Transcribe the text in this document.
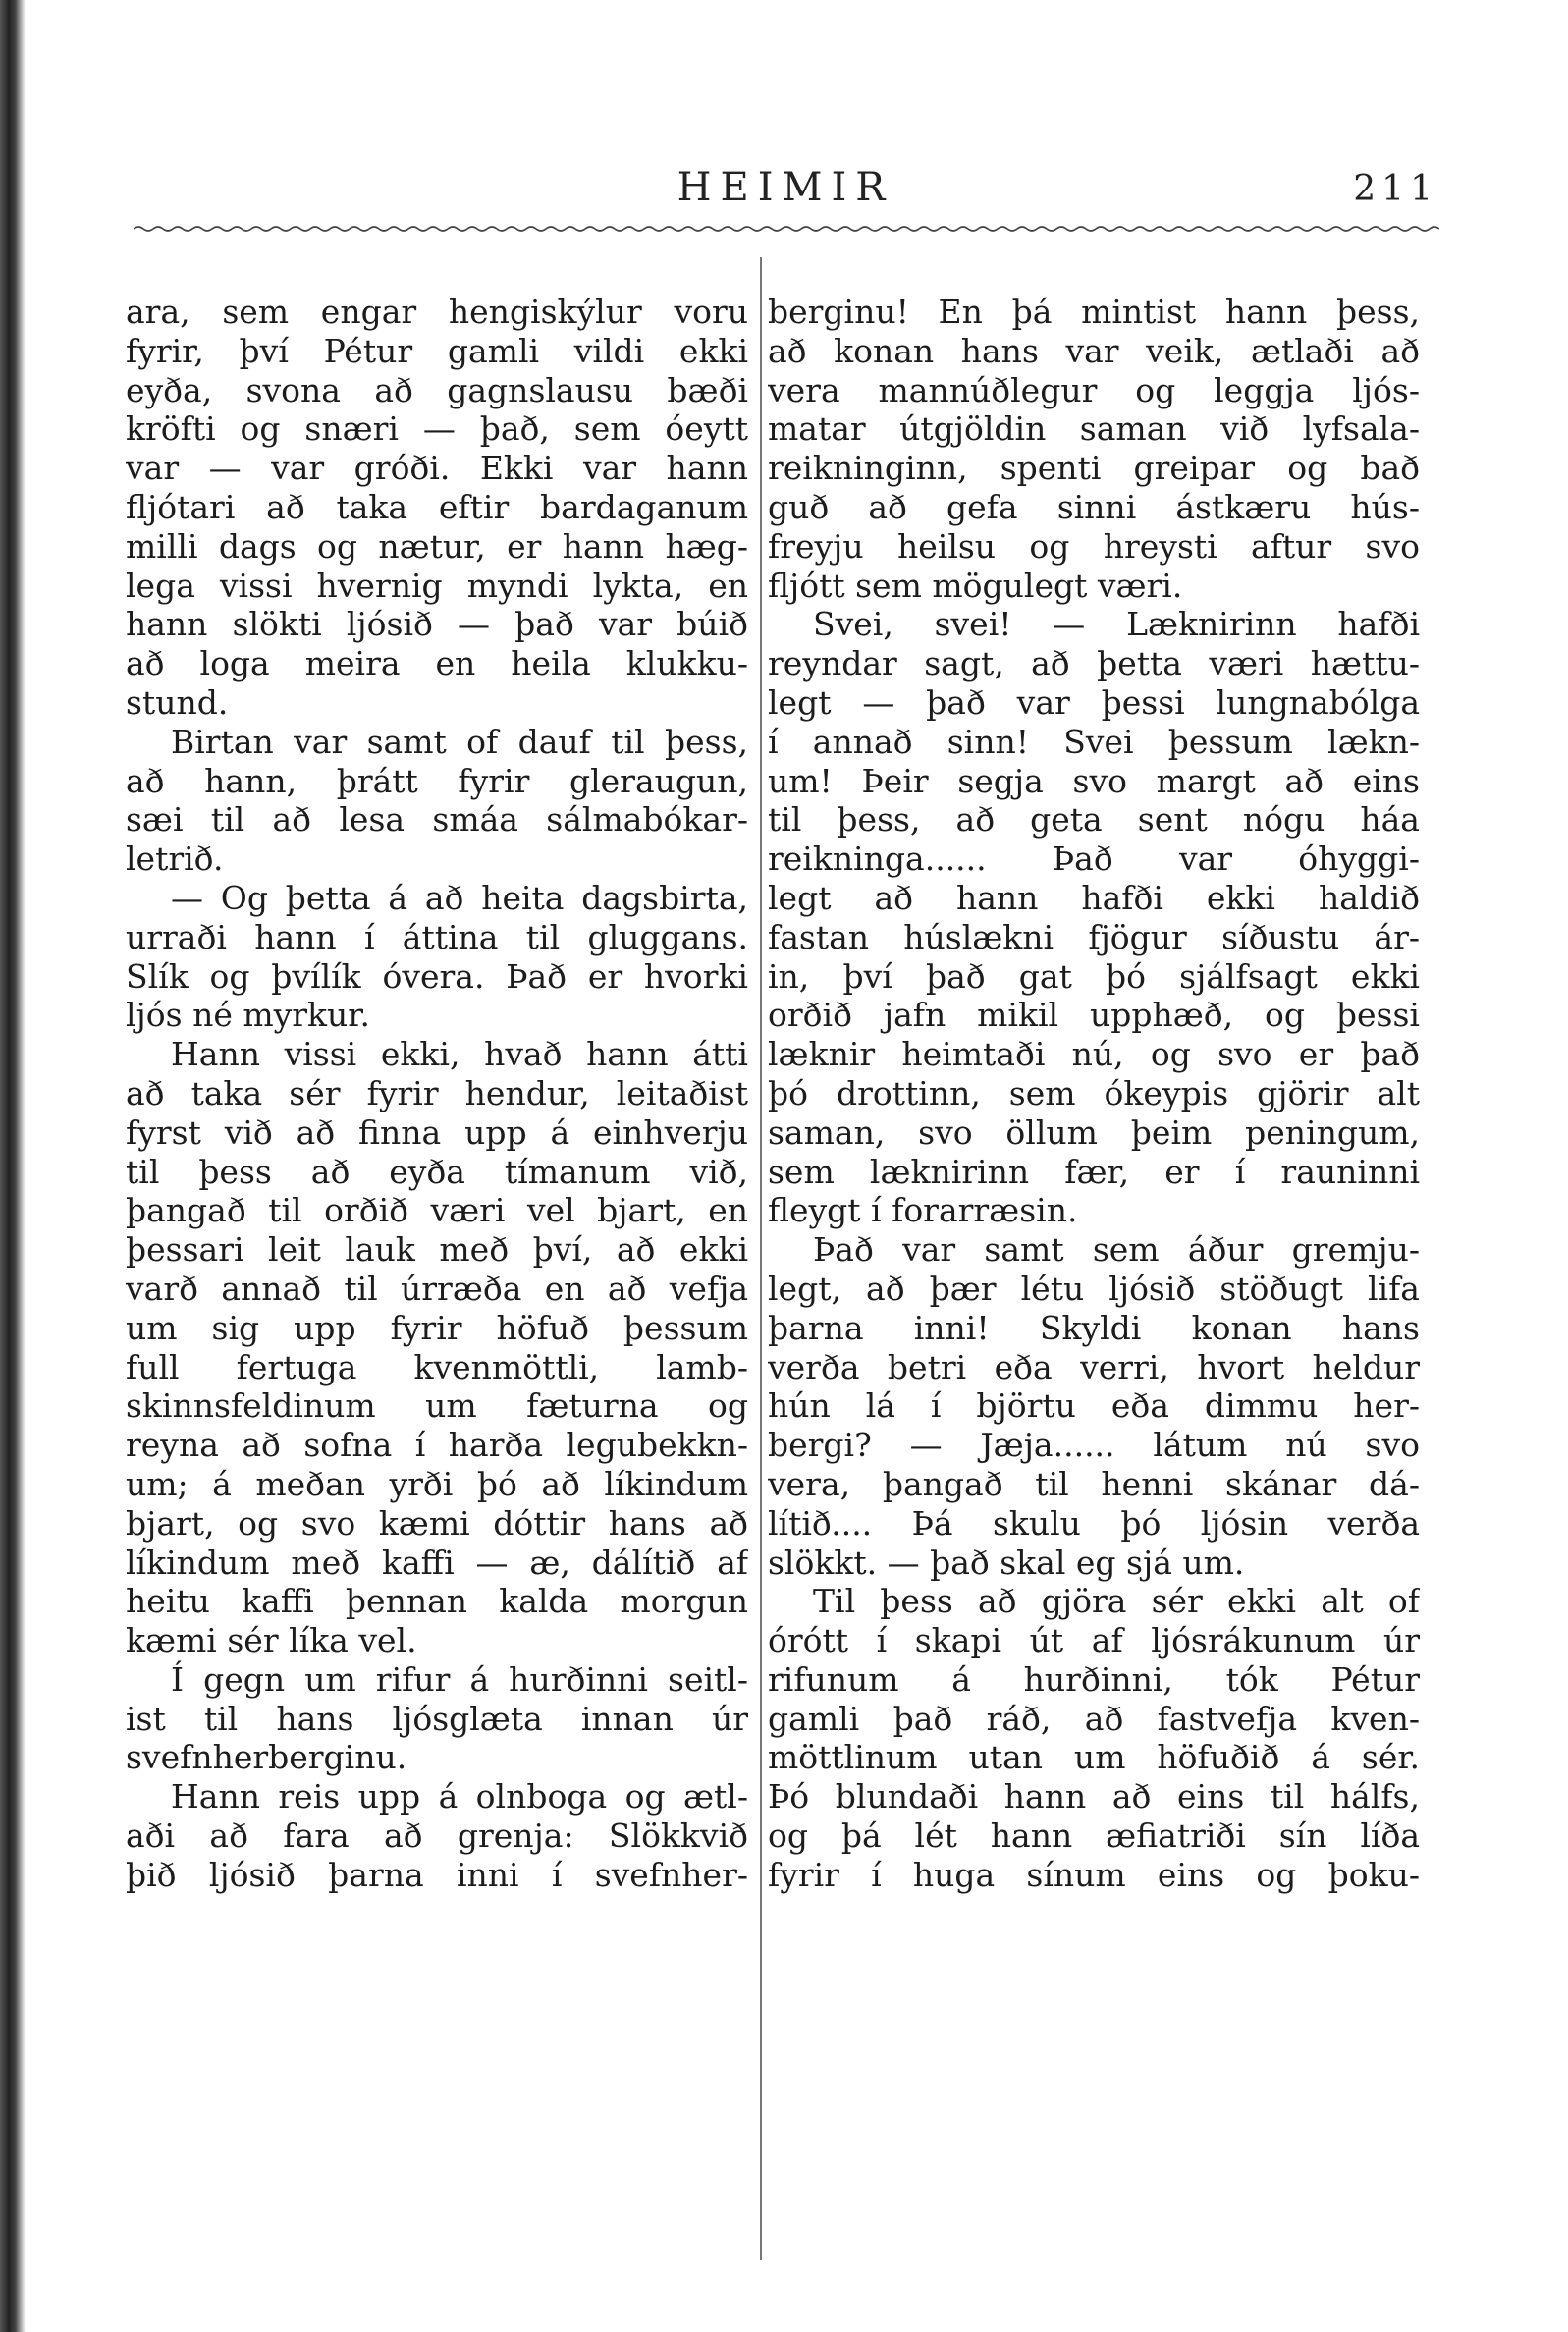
HEIMIR	211
ara, sem engar hengiskýlur voru
fyrir, því Pétur gamli vildi ekki
eyða, svona að gagnslausu bæði
kröfti og snæri — það, sem óeytt
var — var gróði. Ekki var hann
fljótari að taka eftir bardaganum
milli dags og nætur, er hann hæg-
lega vissi hvernig myndi lykta, en
hann slökti ljósið — það var búið
að loga meira en heila klukku-
stund.
Birtan var samt of dauf til þess,
að hann, þrátt fyrir gleraugun,
sæi til að lesa smáa sálmabókar-
letrið.
— Og þetta á að heita dagsbirta,
urraði hann í áttina til gluggans.
Slík og þvílík óvera. Það er hvorki
ljós né myrkur.
Hann vissi ekki, hvað hann átti
að taka sér fyrir hendur, leitaðist
fyrst við að finna upp á einhverju
til þess að eyða tímanum við,
þangað til orðið væri vel bjart, en
þessari leit lauk með því, að ekki
varð annað til úrræða en að vefja
um sig upp fyrir höfuð þessum
full fertuga kvenmöttli, lamb-
skinnsfeldinum um fæturna og
reyna að sofna í harða legubekkn-
um; á meðan yrði þó að líkindum
bjart, og svo kæmi dóttir hans að
líkindum með kaffi — æ, dálítið af
heitu kaffi þennan kalda morgun
kæmi sér líka vel.
Í gegn um rifur á hurðinni seitl-
ist til hans ljósglæta innan úr
svefnherberginu.
Hann reis upp á olnboga og ætl-
aði að fara að grenja: Slökkvið
þið ljósið þarna inni í svefnher-
berginu! En þá mintist hann þess,
að konan hans var veik, ætlaði að
vera mannúðlegur og leggja ljós-
matar útgjöldin saman við lyfsala-
reikninginn, spenti greipar og bað
guð að gefa sinni ástkæru hús-
freyju heilsu og hreysti aftur svo
fljótt sem mögulegt væri.
Svei, svei! — Læknirinn hafði
reyndar sagt, að þetta væri hættu-
legt — það var þessi lungnabólga
í annað sinn! Svei þessum lækn-
um! Þeir segja svo margt að eins
til þess, að geta sent nógu háa
reikninga...... Það var óhyggi-
legt að hann hafði ekki haldið
fastan húslækni fjögur síðustu ár-
in, því það gat þó sjálfsagt ekki
orðið jafn mikil upphæð, og þessi
læknir heimtaði nú, og svo er það
þó drottinn, sem ókeypis gjörir alt
saman, svo öllum þeim peningum,
sem læknirinn fær, er í rauninni
fleygt í forarræsin.
Það var samt sem áður gremju-
legt, að þær létu ljósið stöðugt lifa
þarna inni! Skyldi konan hans
verða betri eða verri, hvort heldur
hún lá í björtu eða dimmu her-
bergi? — Jæja...... látum nú svo
vera, þangað til henni skánar dá-
lítið.... Þá skulu þó ljósin verða
slökkt. — það skal eg sjá um.
Til þess að gjöra sér ekki alt of
órótt í skapi út af ljósrákunum úr
rifunum á hurðinni, tók Pétur
gamli það ráð, að fastvefja kven-
möttlinum utan um höfuðið á sér.
Þó blundaði hann að eins til hálfs,
og þá lét hann æfiatriði sín líða
fyrir í huga sínum eins og þoku-
